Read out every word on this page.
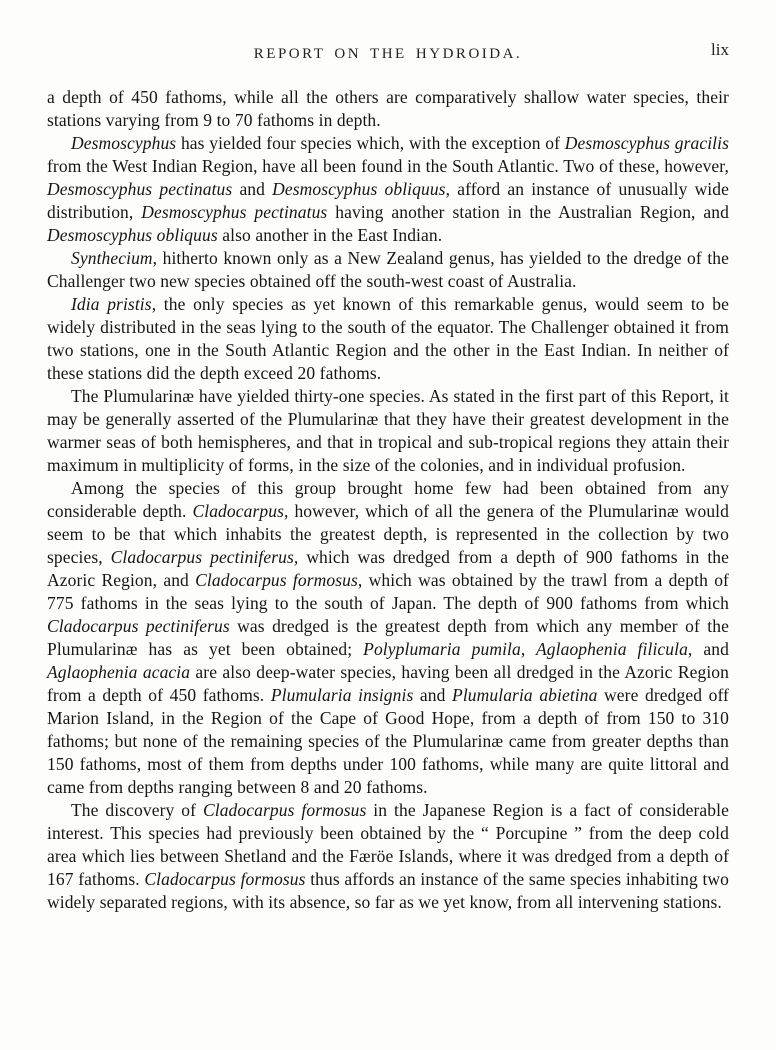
REPORT ON THE HYDROIDA.	lix

a depth of 450 fathoms, while all the others are comparatively shallow water species, their stations varying from 9 to 70 fathoms in depth.

Desmoscyphus has yielded four species which, with the exception of Desmoscyphus gracilis from the West Indian Region, have all been found in the South Atlantic. Two of these, however, Desmoscyphus pectinatus and Desmoscyphus obliquus, afford an instance of unusually wide distribution, Desmoscyphus pectinatus having another station in the Australian Region, and Desmoscyphus obliquus also another in the East Indian.

Synthecium, hitherto known only as a New Zealand genus, has yielded to the dredge of the Challenger two new species obtained off the south-west coast of Australia.

Idia pristis, the only species as yet known of this remarkable genus, would seem to be widely distributed in the seas lying to the south of the equator. The Challenger obtained it from two stations, one in the South Atlantic Region and the other in the East Indian. In neither of these stations did the depth exceed 20 fathoms.

The Plumularinæ have yielded thirty-one species. As stated in the first part of this Report, it may be generally asserted of the Plumularinæ that they have their greatest development in the warmer seas of both hemispheres, and that in tropical and sub-tropical regions they attain their maximum in multiplicity of forms, in the size of the colonies, and in individual profusion.

Among the species of this group brought home few had been obtained from any considerable depth. Cladocarpus, however, which of all the genera of the Plumularinæ would seem to be that which inhabits the greatest depth, is represented in the collection by two species, Cladocarpus pectiniferus, which was dredged from a depth of 900 fathoms in the Azoric Region, and Cladocarpus formosus, which was obtained by the trawl from a depth of 775 fathoms in the seas lying to the south of Japan. The depth of 900 fathoms from which Cladocarpus pectiniferus was dredged is the greatest depth from which any member of the Plumularinæ has as yet been obtained; Polyplumaria pumila, Aglaophenia filicula, and Aglaophenia acacia are also deep-water species, having been all dredged in the Azoric Region from a depth of 450 fathoms. Plumularia insignis and Plumularia abietina were dredged off Marion Island, in the Region of the Cape of Good Hope, from a depth of from 150 to 310 fathoms; but none of the remaining species of the Plumularinæ came from greater depths than 150 fathoms, most of them from depths under 100 fathoms, while many are quite littoral and came from depths ranging between 8 and 20 fathoms.

The discovery of Cladocarpus formosus in the Japanese Region is a fact of considerable interest. This species had previously been obtained by the “ Porcupine ” from the deep cold area which lies between Shetland and the Færöe Islands, where it was dredged from a depth of 167 fathoms. Cladocarpus formosus thus affords an instance of the same species inhabiting two widely separated regions, with its absence, so far as we yet know, from all intervening stations.
